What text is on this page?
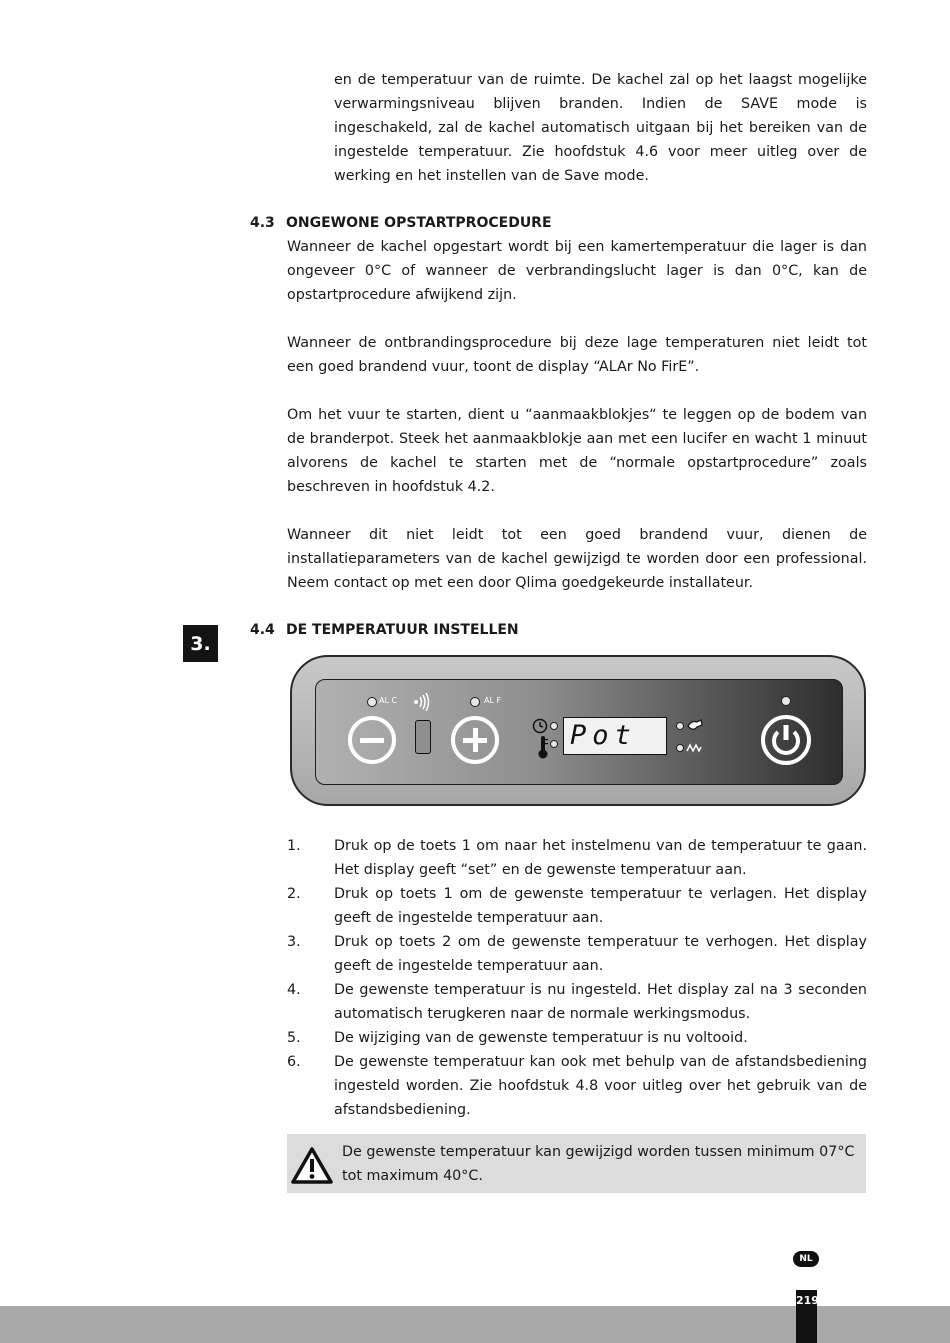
en de temperatuur van de ruimte. De kachel zal op het laagst mogelijke verwarmingsniveau blijven branden. Indien de SAVE mode is ingeschakeld, zal de kachel automatisch uitgaan bij het bereiken van de ingestelde temperatuur. Zie hoofdstuk 4.6 voor meer uitleg over de werking en het instellen van de Save mode.

4.3 ONGEWONE OPSTARTPROCEDURE

Wanneer de kachel opgestart wordt bij een kamertemperatuur die lager is dan ongeveer 0°C of wanneer de verbrandingslucht lager is dan 0°C, kan de opstartprocedure afwijkend zijn.

Wanneer de ontbrandingsprocedure bij deze lage temperaturen niet leidt tot een goed brandend vuur, toont de display “ALAr No FirE”.

Om het vuur te starten, dient u “aanmaakblokjes“ te leggen op de bodem van de branderpot. Steek het aanmaakblokje aan met een lucifer en wacht 1 minuut alvorens de kachel te starten met de “normale opstartprocedure” zoals beschreven in hoofdstuk 4.2.

Wanneer dit niet leidt tot een goed brandend vuur, dienen de installatieparameters van de kachel gewijzigd te worden door een professional. Neem contact op met een door Qlima goedgekeurde installateur.

3.
4.4 DE TEMPERATUUR INSTELLEN
AL C	AL F
Pot
1. Druk op de toets 1 om naar het instelmenu van de temperatuur te gaan. Het display geeft “set” en de gewenste temperatuur aan.
2. Druk op toets 1 om de gewenste temperatuur te verlagen. Het display geeft de ingestelde temperatuur aan.
3. Druk op toets 2 om de gewenste temperatuur te verhogen. Het display geeft de ingestelde temperatuur aan.
4. De gewenste temperatuur is nu ingesteld. Het display zal na 3 seconden automatisch terugkeren naar de normale werkingsmodus.
5. De wijziging van de gewenste temperatuur is nu voltooid.
6. De gewenste temperatuur kan ook met behulp van de afstandsbediening ingesteld worden. Zie hoofdstuk 4.8 voor uitleg over het gebruik van de afstandsbediening.
De gewenste temperatuur kan gewijzigd worden tussen minimum 07°C tot maximum 40°C.
NL
219
